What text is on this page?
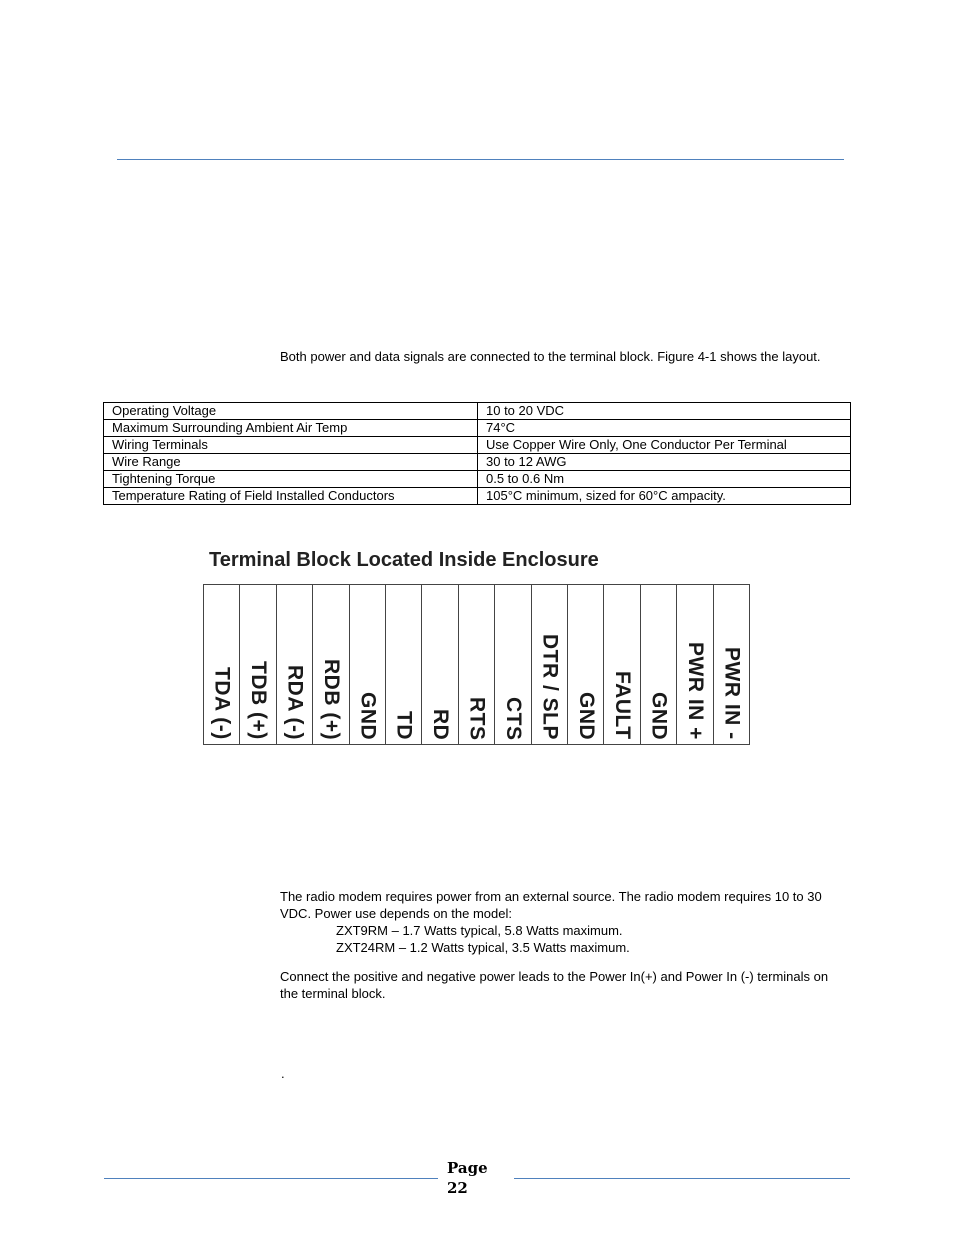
Both power and data signals are connected to the terminal block. Figure 4-1 shows the layout.

Operating Voltage	10 to 20 VDC
Maximum Surrounding Ambient Air Temp	74°C
Wiring Terminals	Use Copper Wire Only, One Conductor Per Terminal
Wire Range	30 to 12 AWG
Tightening Torque	0.5 to 0.6 Nm
Temperature Rating of Field Installed Conductors	105°C minimum, sized for 60°C ampacity.
Terminal Block Located Inside Enclosure
TDA (-) TDB (+) RDA (-) RDB (+) GND TD RD RTS CTS DTR / SLP GND FAULT GND PWR IN + PWR IN -

The radio modem requires power from an external source. The radio modem requires 10 to 30 VDC. Power use depends on the model:

ZXT9RM – 1.7 Watts typical, 5.8 Watts maximum.

ZXT24RM – 1.2 Watts typical, 3.5 Watts maximum.

Connect the positive and negative power leads to the Power In(+) and Power In (-) terminals on the terminal block.

.
Page
22
